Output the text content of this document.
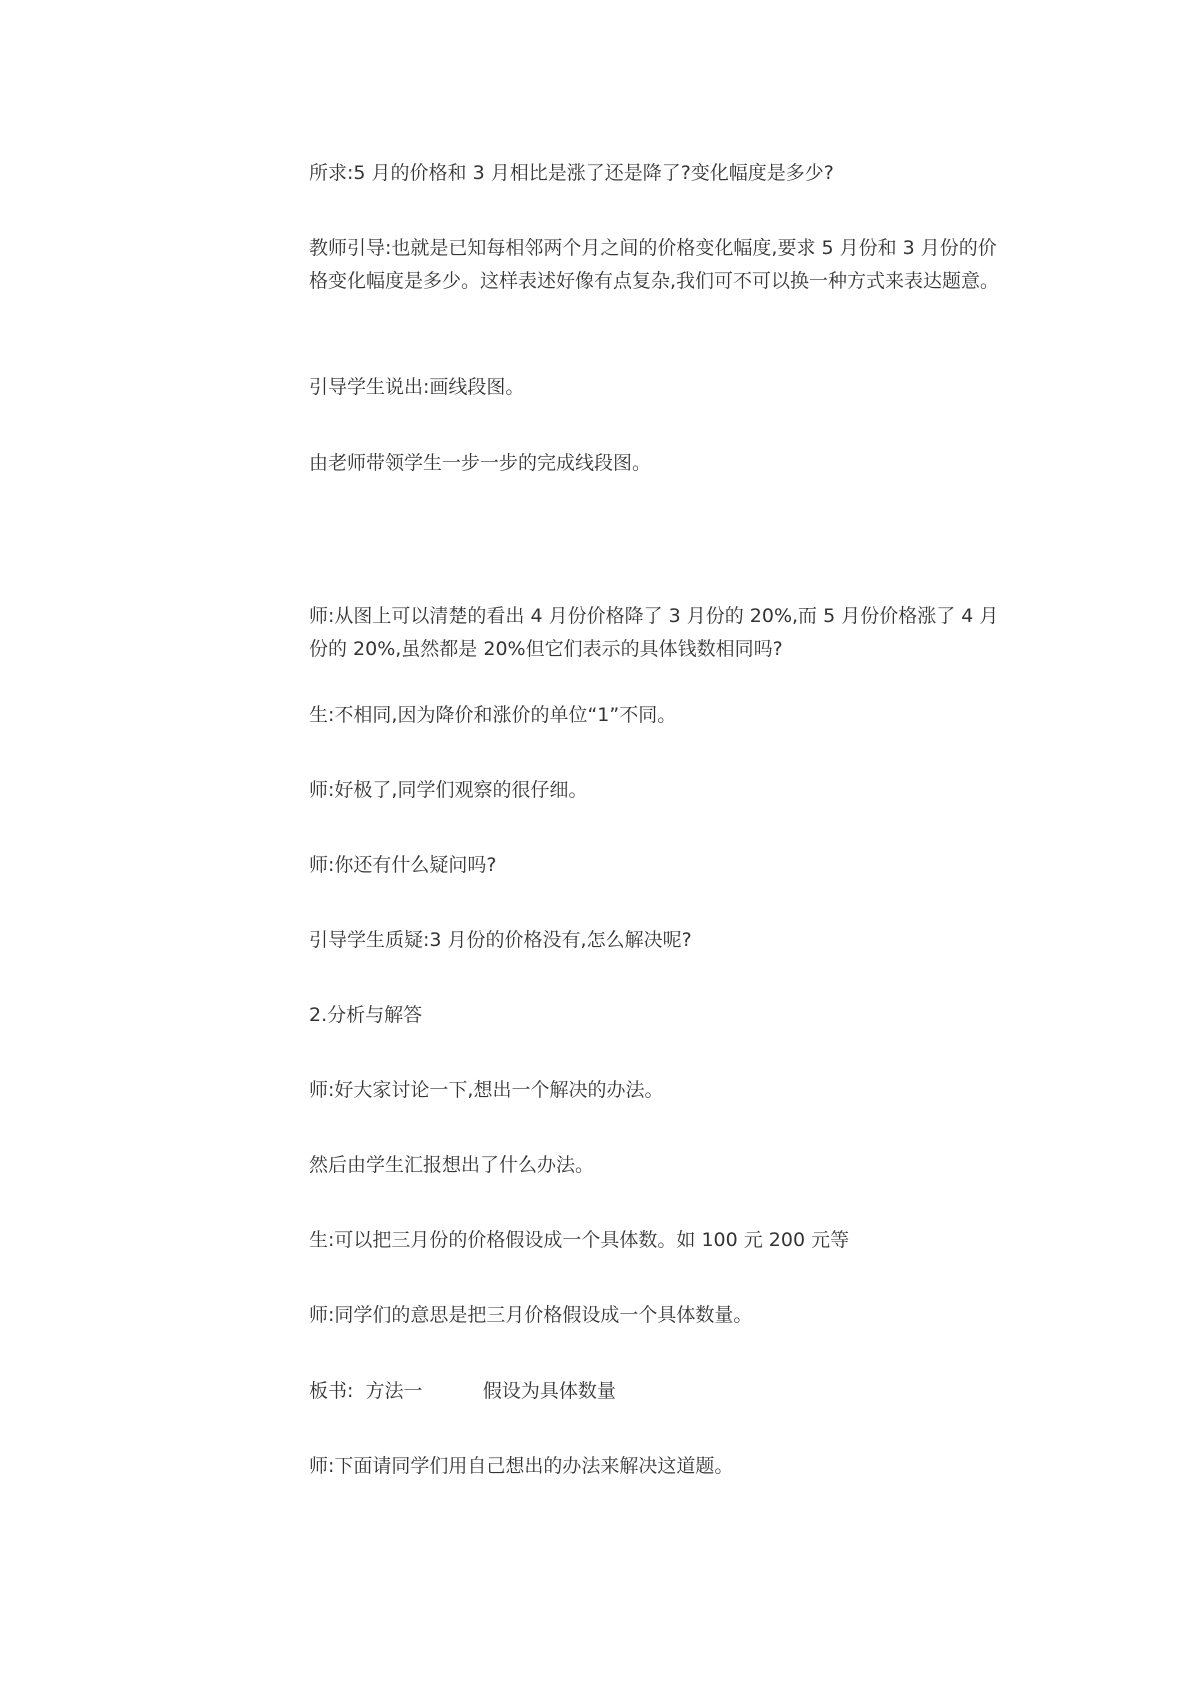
所求:5 月的价格和 3 月相比是涨了还是降了?变化幅度是多少?

教师引导:也就是已知每相邻两个月之间的价格变化幅度,要求 5 月份和 3 月份的价格变化幅度是多少。这样表述好像有点复杂,我们可不可以换一种方式来表达题意。

引导学生说出:画线段图。

由老师带领学生一步一步的完成线段图。

师:从图上可以清楚的看出 4 月份价格降了 3 月份的 20%,而 5 月份价格涨了 4 月份的 20%,虽然都是 20%但它们表示的具体钱数相同吗?

生:不相同,因为降价和涨价的单位“1”不同。

师:好极了,同学们观察的很仔细。

师:你还有什么疑问吗?

引导学生质疑:3 月份的价格没有,怎么解决呢?

2.分析与解答

师:好大家讨论一下,想出一个解决的办法。

然后由学生汇报想出了什么办法。

生:可以把三月份的价格假设成一个具体数。如 100 元 200 元等

师:同学们的意思是把三月价格假设成一个具体数量。

板书:  方法一          假设为具体数量

师:下面请同学们用自己想出的办法来解决这道题。
